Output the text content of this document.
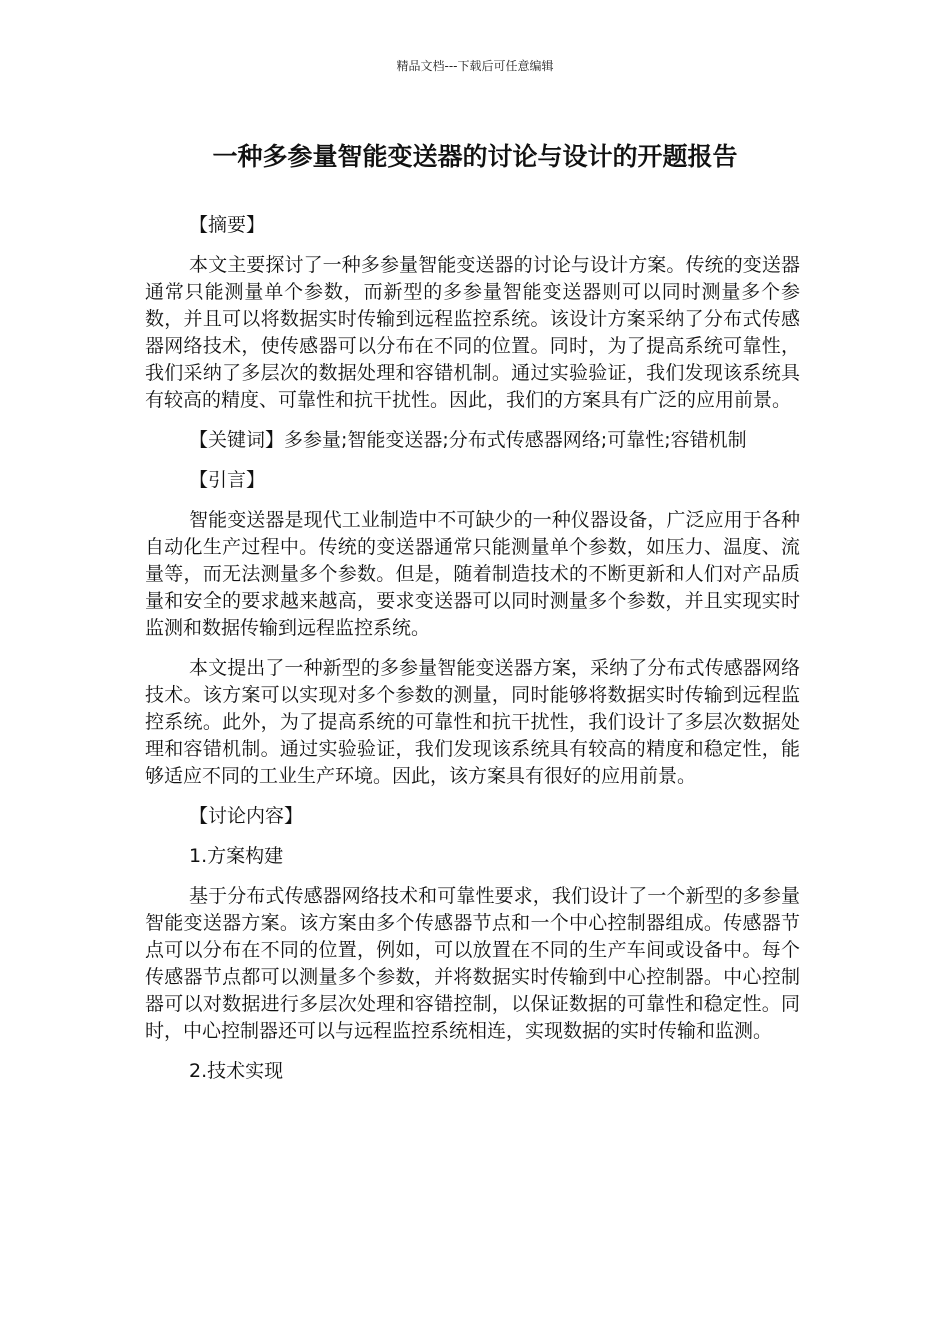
精品文档---下载后可任意编辑
一种多参量智能变送器的讨论与设计的开题报告

【摘要】

本文主要探讨了一种多参量智能变送器的讨论与设计方案。传统的变送器通常只能测量单个参数，而新型的多参量智能变送器则可以同时测量多个参数，并且可以将数据实时传输到远程监控系统。该设计方案采纳了分布式传感器网络技术，使传感器可以分布在不同的位置。同时，为了提高系统可靠性，我们采纳了多层次的数据处理和容错机制。通过实验验证，我们发现该系统具有较高的精度、可靠性和抗干扰性。因此，我们的方案具有广泛的应用前景。

【关键词】多参量;智能变送器;分布式传感器网络;可靠性;容错机制

【引言】

智能变送器是现代工业制造中不可缺少的一种仪器设备，广泛应用于各种自动化生产过程中。传统的变送器通常只能测量单个参数，如压力、温度、流量等，而无法测量多个参数。但是，随着制造技术的不断更新和人们对产品质量和安全的要求越来越高，要求变送器可以同时测量多个参数，并且实现实时监测和数据传输到远程监控系统。

本文提出了一种新型的多参量智能变送器方案，采纳了分布式传感器网络技术。该方案可以实现对多个参数的测量，同时能够将数据实时传输到远程监控系统。此外，为了提高系统的可靠性和抗干扰性，我们设计了多层次数据处理和容错机制。通过实验验证，我们发现该系统具有较高的精度和稳定性，能够适应不同的工业生产环境。因此，该方案具有很好的应用前景。

【讨论内容】

1.方案构建

基于分布式传感器网络技术和可靠性要求，我们设计了一个新型的多参量智能变送器方案。该方案由多个传感器节点和一个中心控制器组成。传感器节点可以分布在不同的位置，例如，可以放置在不同的生产车间或设备中。每个传感器节点都可以测量多个参数，并将数据实时传输到中心控制器。中心控制器可以对数据进行多层次处理和容错控制，以保证数据的可靠性和稳定性。同时，中心控制器还可以与远程监控系统相连，实现数据的实时传输和监测。

2.技术实现
